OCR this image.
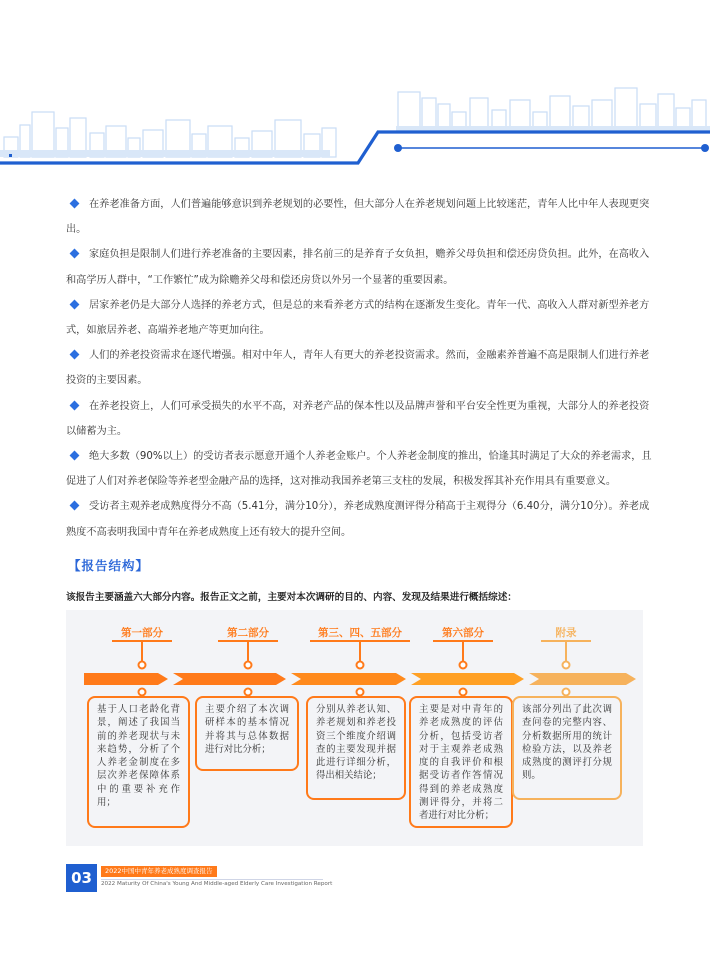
在养老准备方面，人们普遍能够意识到养老规划的必要性，但大部分人在养老规划问题上比较迷茫，青年人比中年人表现更突出。

家庭负担是限制人们进行养老准备的主要因素，排名前三的是养育子女负担，赡养父母负担和偿还房贷负担。此外，在高收入和高学历人群中，“工作繁忙”成为除赡养父母和偿还房贷以外另一个显著的重要因素。

居家养老仍是大部分人选择的养老方式，但是总的来看养老方式的结构在逐渐发生变化。青年一代、高收入人群对新型养老方式，如旅居养老、高端养老地产等更加向往。

人们的养老投资需求在逐代增强。相对中年人，青年人有更大的养老投资需求。然而，金融素养普遍不高是限制人们进行养老投资的主要因素。

在养老投资上，人们可承受损失的水平不高，对养老产品的保本性以及品牌声誉和平台安全性更为重视，大部分人的养老投资以储蓄为主。

绝大多数（90%以上）的受访者表示愿意开通个人养老金账户。个人养老金制度的推出，恰逢其时满足了大众的养老需求，且促进了人们对养老保险等养老型金融产品的选择，这对推动我国养老第三支柱的发展，积极发挥其补充作用具有重要意义。

受访者主观养老成熟度得分不高（5.41分，满分10分），养老成熟度测评得分稍高于主观得分（6.40分，满分10分）。养老成熟度不高表明我国中青年在养老成熟度上还有较大的提升空间。

【报告结构】
该报告主要涵盖六大部分内容。报告正文之前，主要对本次调研的目的、内容、发现及结果进行概括综述：
第一部分	第二部分	第三、四、五部分	第六部分	附录
基于人口老龄化背景，阐述了我国当前的养老现状与未来趋势，分析了个人养老金制度在多层次养老保障体系中的重要补充作用；
主要介绍了本次调研样本的基本情况并将其与总体数据进行对比分析；
分别从养老认知、养老规划和养老投资三个维度介绍调查的主要发现并据此进行详细分析，得出相关结论；
主要是对中青年的养老成熟度的评估分析，包括受访者对于主观养老成熟度的自我评价和根据受访者作答情况得到的养老成熟度测评得分，并将二者进行对比分析；
该部分列出了此次调查问卷的完整内容、分析数据所用的统计检验方法，以及养老成熟度的测评打分规则。
03	2022中国中青年养老成熟度调查报告
2022 Maturity Of China's Young And Middle-aged Elderly Care Investigation Report
